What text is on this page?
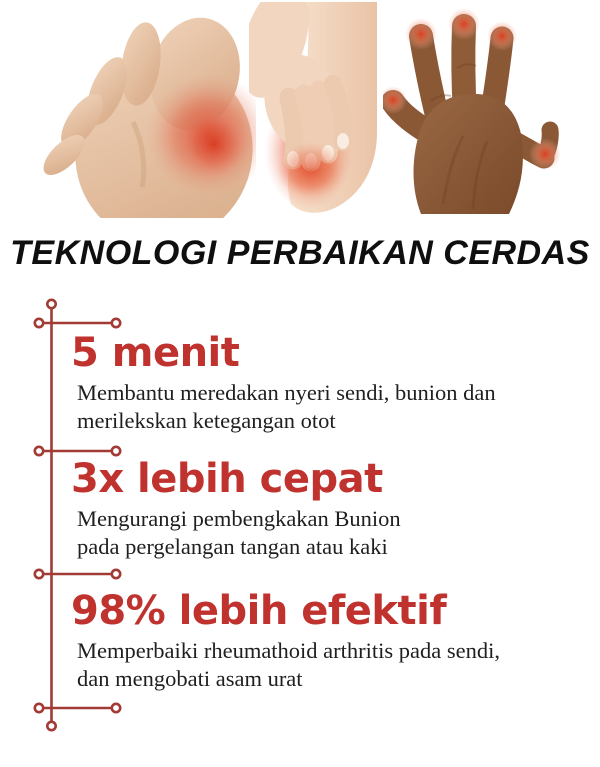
TEKNOLOGI PERBAIKAN CERDAS
5 menit

Membantu meredakan nyeri sendi, bunion dan
merilekskan ketegangan otot

3x lebih cepat

Mengurangi pembengkakan Bunion
pada pergelangan tangan atau kaki

98% lebih efektif

Memperbaiki rheumathoid arthritis pada sendi,
dan mengobati asam urat
